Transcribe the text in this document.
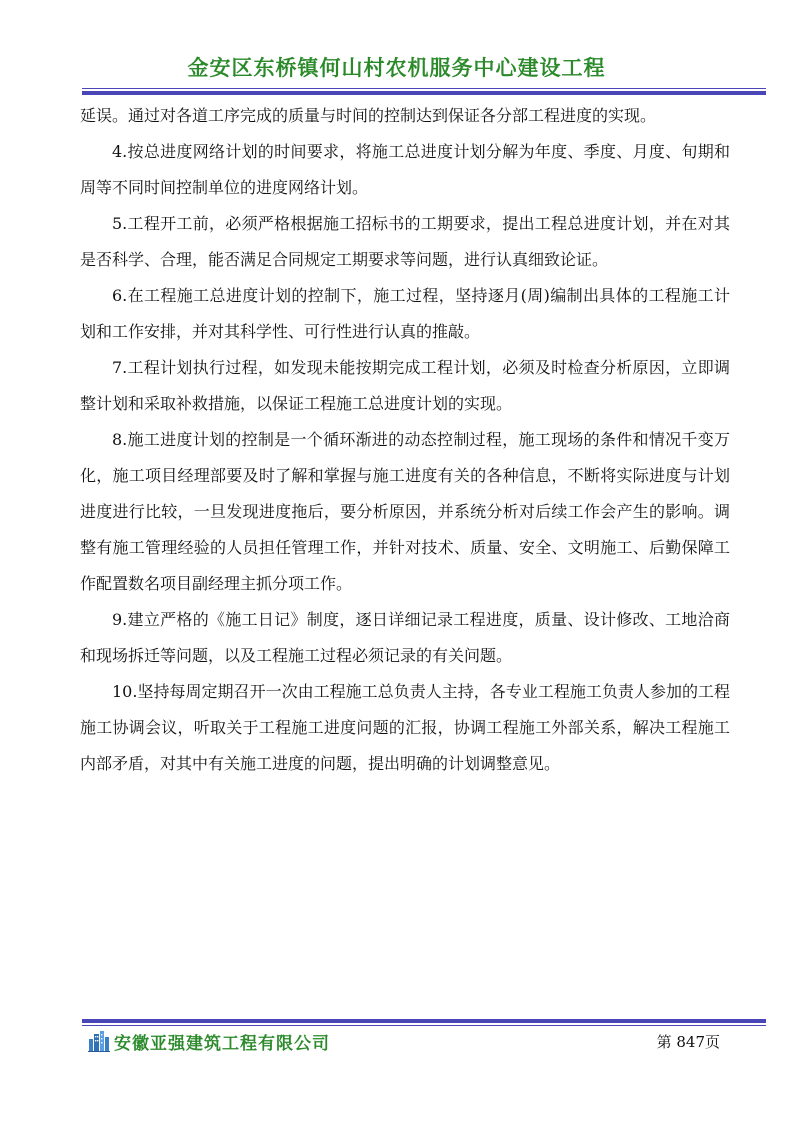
金安区东桥镇何山村农机服务中心建设工程

延误。通过对各道工序完成的质量与时间的控制达到保证各分部工程进度的实现。

4.按总进度网络计划的时间要求，将施工总进度计划分解为年度、季度、月度、旬期和周等不同时间控制单位的进度网络计划。

5.工程开工前，必须严格根据施工招标书的工期要求，提出工程总进度计划，并在对其是否科学、合理，能否满足合同规定工期要求等问题，进行认真细致论证。

6.在工程施工总进度计划的控制下，施工过程，坚持逐月(周)编制出具体的工程施工计划和工作安排，并对其科学性、可行性进行认真的推敲。

7.工程计划执行过程，如发现未能按期完成工程计划，必须及时检查分析原因，立即调整计划和采取补救措施，以保证工程施工总进度计划的实现。

8.施工进度计划的控制是一个循环渐进的动态控制过程，施工现场的条件和情况千变万化，施工项目经理部要及时了解和掌握与施工进度有关的各种信息，不断将实际进度与计划进度进行比较，一旦发现进度拖后，要分析原因，并系统分析对后续工作会产生的影响。调整有施工管理经验的人员担任管理工作，并针对技术、质量、安全、文明施工、后勤保障工作配置数名项目副经理主抓分项工作。

9.建立严格的《施工日记》制度，逐日详细记录工程进度，质量、设计修改、工地洽商和现场拆迁等问题，以及工程施工过程必须记录的有关问题。

10.坚持每周定期召开一次由工程施工总负责人主持，各专业工程施工负责人参加的工程施工协调会议，听取关于工程施工进度问题的汇报，协调工程施工外部关系，解决工程施工内部矛盾，对其中有关施工进度的问题，提出明确的计划调整意见。

安徽亚强建筑工程有限公司	第 847页
